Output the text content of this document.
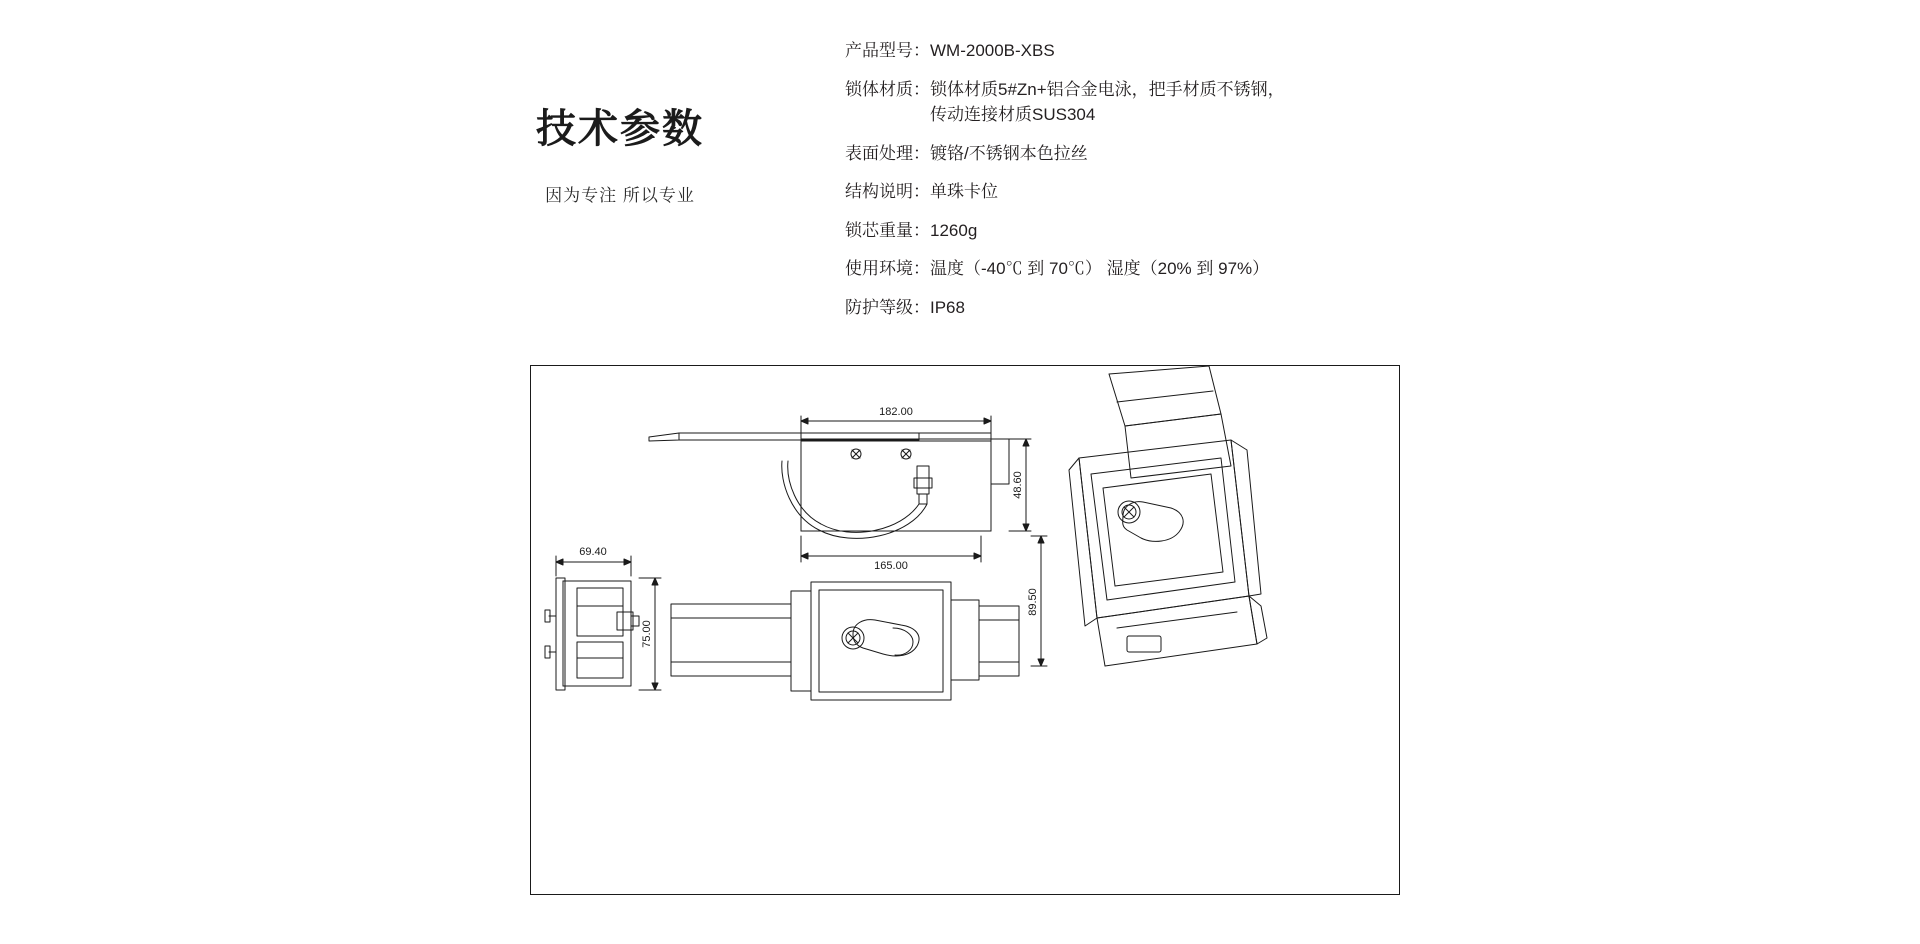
技术参数
因为专注 所以专业
产品型号： WM-2000B-XBS
锁体材质： 锁体材质5#Zn+铝合金电泳，把手材质不锈钢，
传动连接材质SUS304
表面处理： 镀铬/不锈钢本色拉丝
结构说明： 单珠卡位
锁芯重量： 1260g
使用环境： 温度（-40℃ 到 70℃） 湿度（20% 到 97%）
防护等级： IP68
182.00
165.00
48.60
69.40
75.00
89.50
